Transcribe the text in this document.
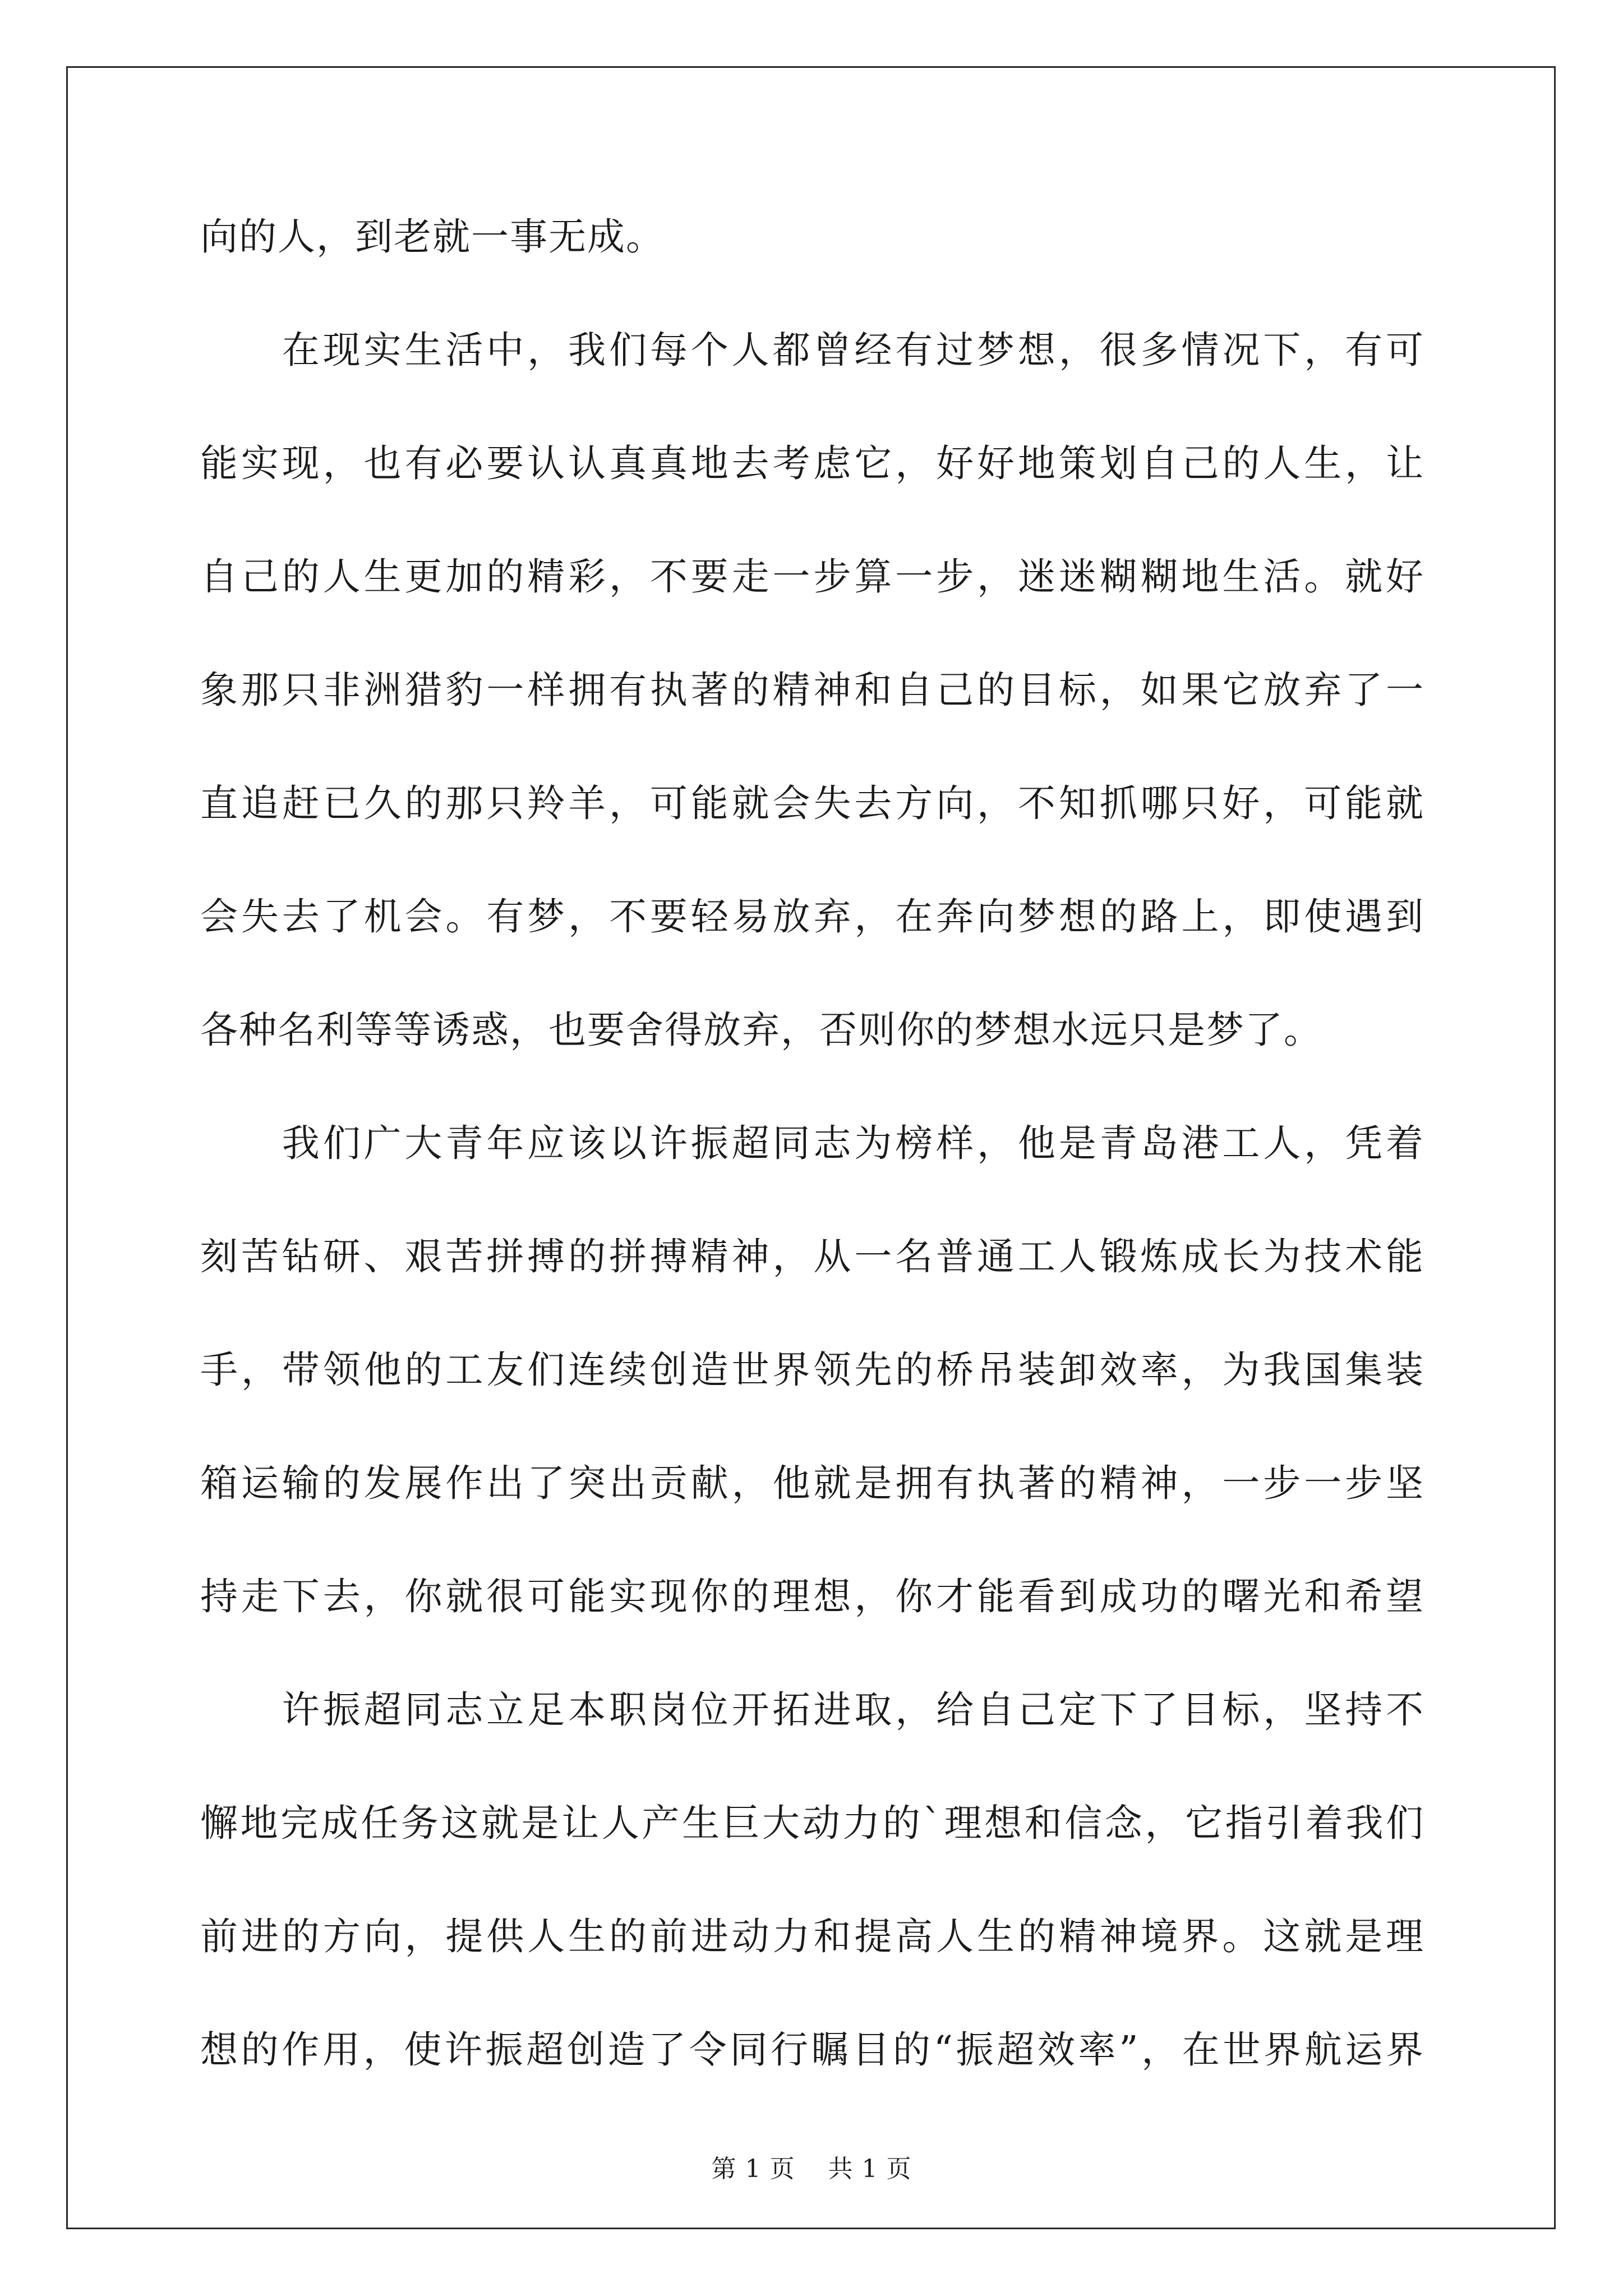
向的人，到老就一事无成。
　　在现实生活中，我们每个人都曾经有过梦想，很多情况下，有可
能实现，也有必要认认真真地去考虑它，好好地策划自己的人生，让
自己的人生更加的精彩，不要走一步算一步，迷迷糊糊地生活。就好
象那只非洲猎豹一样拥有执著的精神和自己的目标，如果它放弃了一
直追赶已久的那只羚羊，可能就会失去方向，不知抓哪只好，可能就
会失去了机会。有梦，不要轻易放弃，在奔向梦想的路上，即使遇到
各种名利等等诱惑，也要舍得放弃，否则你的梦想水远只是梦了。
　　我们广大青年应该以许振超同志为榜样，他是青岛港工人，凭着
刻苦钻研、艰苦拼搏的拼搏精神，从一名普通工人锻炼成长为技术能
手，带领他的工友们连续创造世界领先的桥吊装卸效率，为我国集装
箱运输的发展作出了突出贡献，他就是拥有执著的精神，一步一步坚
持走下去，你就很可能实现你的理想，你才能看到成功的曙光和希望
　　许振超同志立足本职岗位开拓进取，给自己定下了目标，坚持不
懈地完成任务这就是让人产生巨大动力的`理想和信念，它指引着我们
前进的方向，提供人生的前进动力和提高人生的精神境界。这就是理
想的作用，使许振超创造了令同行瞩目的“振超效率”，在世界航运界
第 1 页 共 1 页
